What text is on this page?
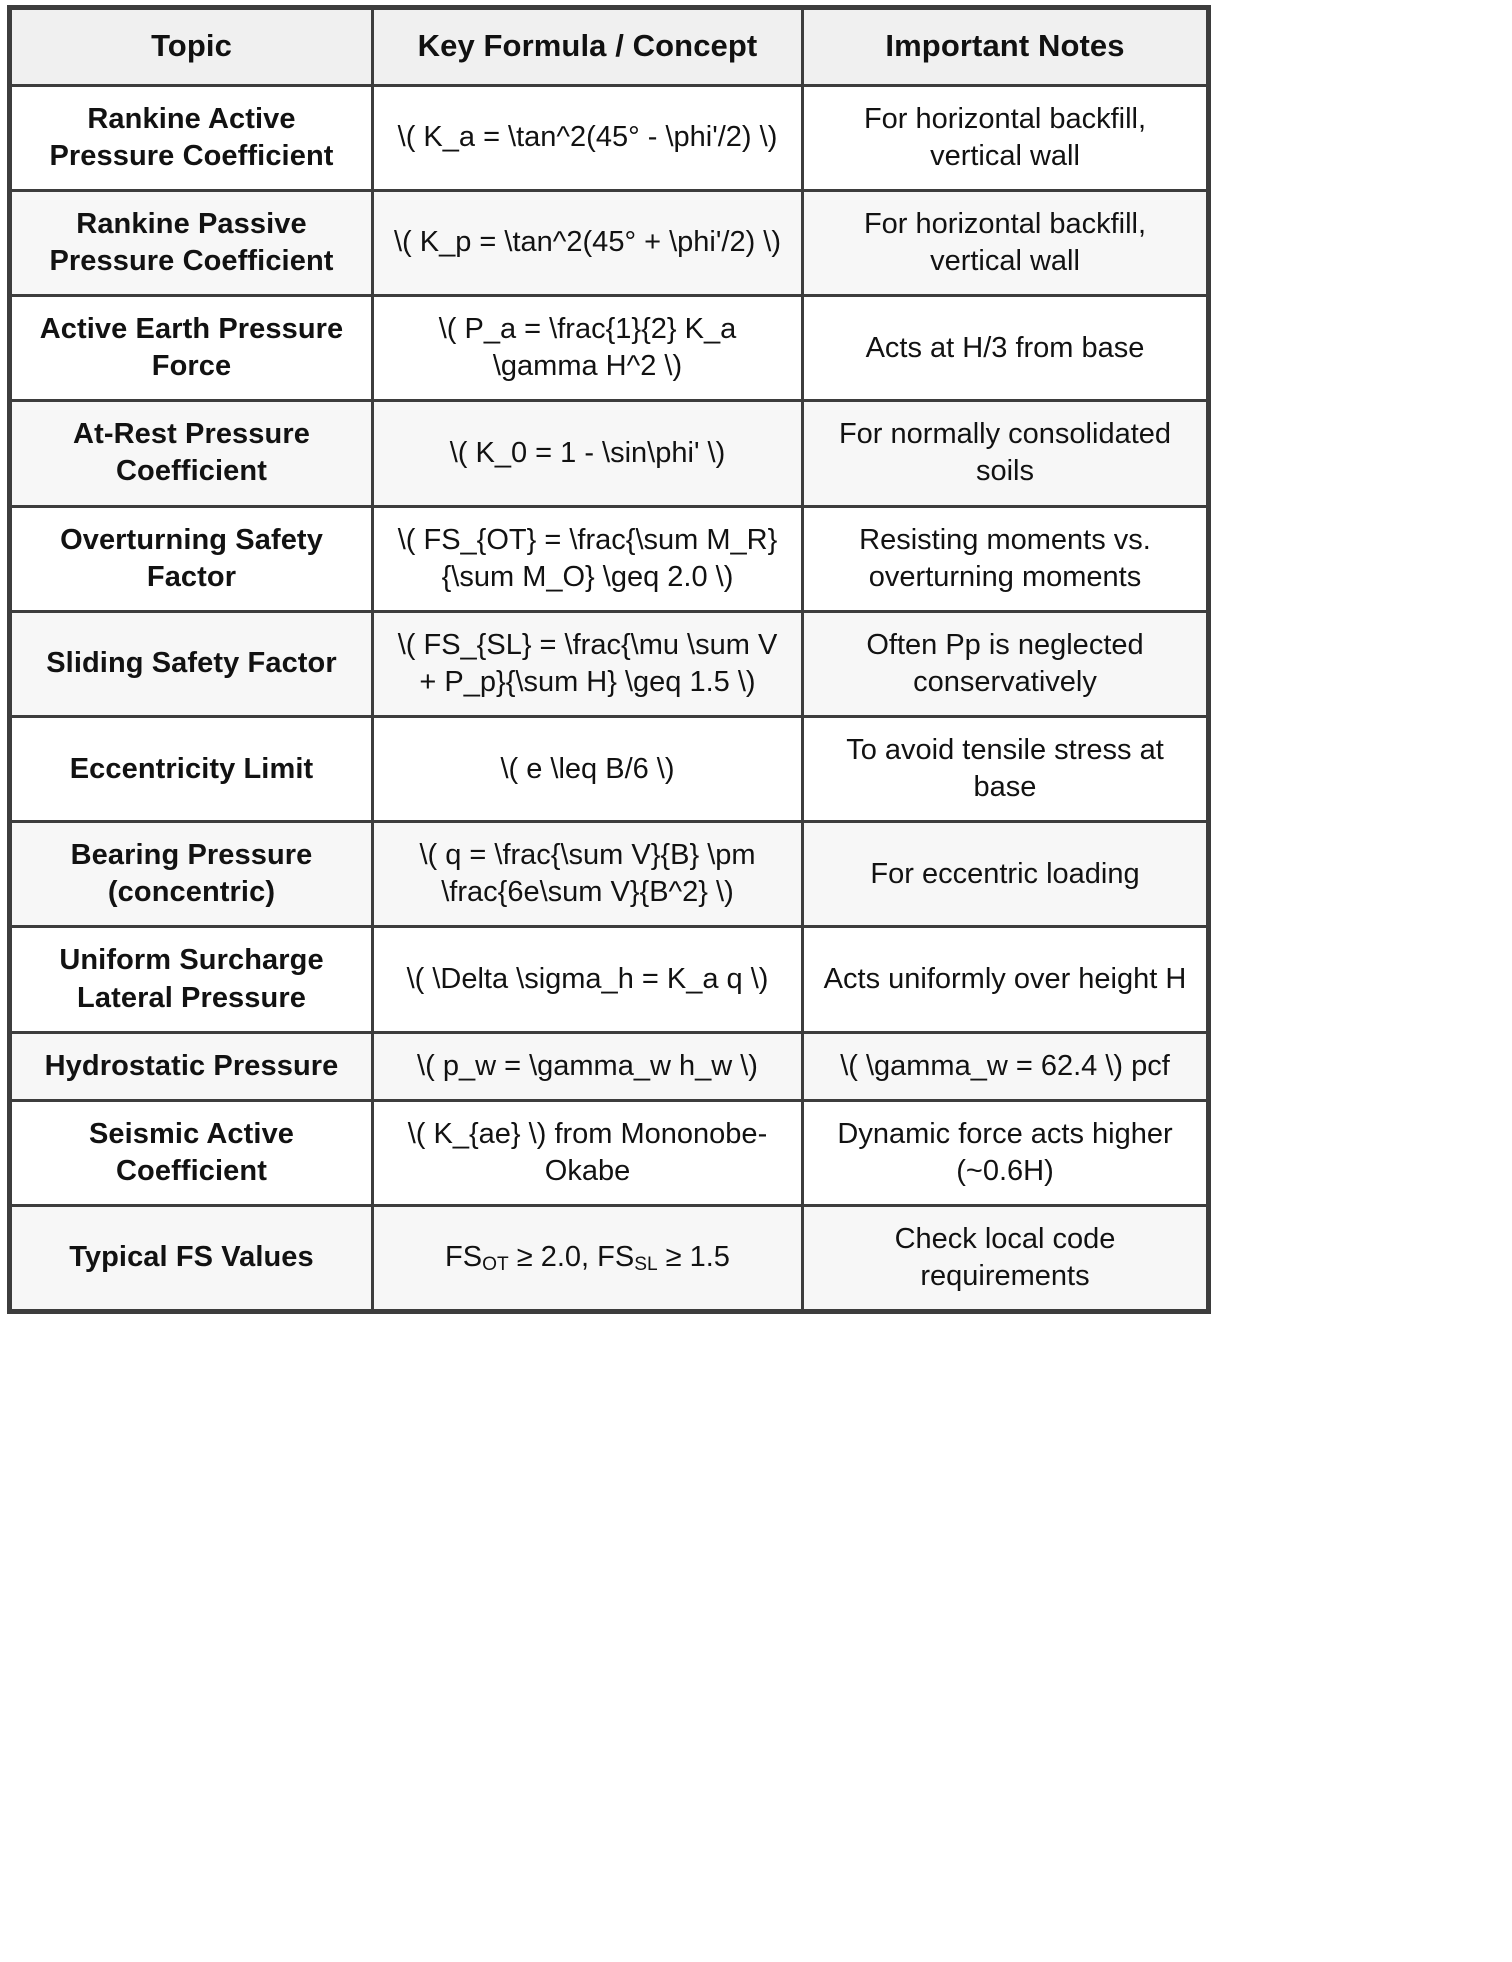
Topic	Key Formula / Concept	Important Notes
Rankine Active Pressure Coefficient	\( K_a = \tan^2(45° - \phi'/2) \)	For horizontal backfill, vertical wall
Rankine Passive Pressure Coefficient	\( K_p = \tan^2(45° + \phi'/2) \)	For horizontal backfill, vertical wall
Active Earth Pressure Force	\( P_a = \frac{1}{2} K_a \gamma H^2 \)	Acts at H/3 from base
At-Rest Pressure Coefficient	\( K_0 = 1 - \sin\phi' \)	For normally consolidated soils
Overturning Safety Factor	\( FS_{OT} = \frac{\sum M_R}{\sum M_O} \geq 2.0 \)	Resisting moments vs. overturning moments
Sliding Safety Factor	\( FS_{SL} = \frac{\mu \sum V + P_p}{\sum H} \geq 1.5 \)	Often Pp is neglected conservatively
Eccentricity Limit	\( e \leq B/6 \)	To avoid tensile stress at base
Bearing Pressure (concentric)	\( q = \frac{\sum V}{B} \pm \frac{6e\sum V}{B^2} \)	For eccentric loading
Uniform Surcharge Lateral Pressure	\( \Delta \sigma_h = K_a q \)	Acts uniformly over height H
Hydrostatic Pressure	\( p_w = \gamma_w h_w \)	\( \gamma_w = 62.4 \) pcf
Seismic Active Coefficient	\( K_{ae} \) from Mononobe-Okabe	Dynamic force acts higher (~0.6H)
Typical FS Values	$FS_{OT} \ge 2.0$, $FS_{SL} \ge 1.5$	Check local code requirements
